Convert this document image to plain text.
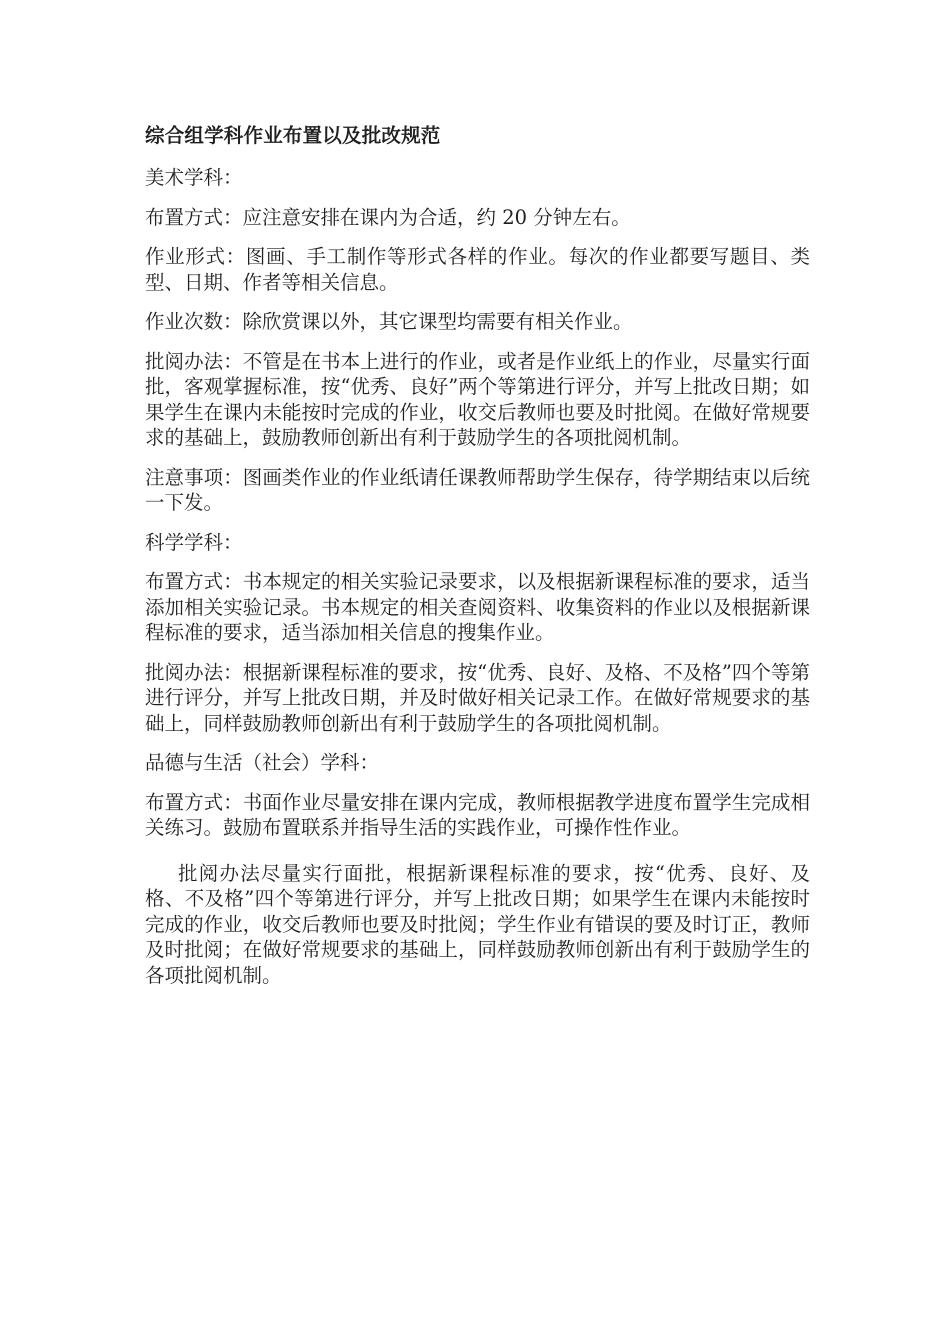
综合组学科作业布置以及批改规范

美术学科：

布置方式：应注意安排在课内为合适，约 20 分钟左右。

作业形式：图画、手工制作等形式各样的作业。每次的作业都要写题目、类型、日期、作者等相关信息。

作业次数：除欣赏课以外，其它课型均需要有相关作业。

批阅办法：不管是在书本上进行的作业，或者是作业纸上的作业，尽量实行面批，客观掌握标准，按“优秀、良好”两个等第进行评分，并写上批改日期；如果学生在课内未能按时完成的作业，收交后教师也要及时批阅。在做好常规要求的基础上，鼓励教师创新出有利于鼓励学生的各项批阅机制。

注意事项：图画类作业的作业纸请任课教师帮助学生保存，待学期结束以后统一下发。

科学学科：

布置方式：书本规定的相关实验记录要求，以及根据新课程标准的要求，适当添加相关实验记录。书本规定的相关查阅资料、收集资料的作业以及根据新课程标准的要求，适当添加相关信息的搜集作业。

批阅办法：根据新课程标准的要求，按“优秀、良好、及格、不及格”四个等第进行评分，并写上批改日期，并及时做好相关记录工作。在做好常规要求的基础上，同样鼓励教师创新出有利于鼓励学生的各项批阅机制。

品德与生活（社会）学科：

布置方式：书面作业尽量安排在课内完成，教师根据教学进度布置学生完成相关练习。鼓励布置联系并指导生活的实践作业，可操作性作业。

批阅办法尽量实行面批，根据新课程标准的要求，按“优秀、良好、及格、不及格”四个等第进行评分，并写上批改日期；如果学生在课内未能按时完成的作业，收交后教师也要及时批阅；学生作业有错误的要及时订正，教师及时批阅；在做好常规要求的基础上，同样鼓励教师创新出有利于鼓励学生的各项批阅机制。
